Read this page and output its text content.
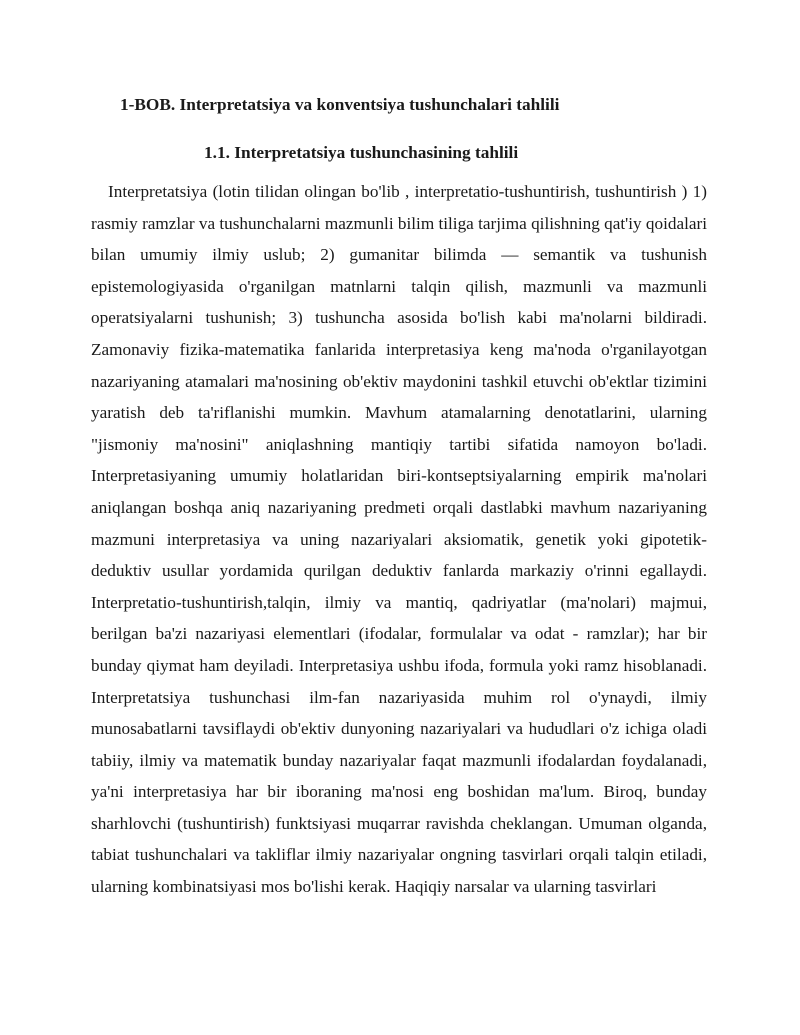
1-BOB. Interpretatsiya va konventsiya tushunchalari tahlili
1.1. Interpretatsiya tushunchasining tahlili

Interpretatsiya (lotin tilidan olingan bo'lib , interpretatio-tushuntirish, tushuntirish ) 1) rasmiy ramzlar va tushunchalarni mazmunli bilim tiliga tarjima qilishning qat'iy qoidalari bilan umumiy ilmiy uslub; 2) gumanitar bilimda — semantik va tushunish epistemologiyasida o'rganilgan matnlarni talqin qilish, mazmunli va mazmunli operatsiyalarni tushunish; 3) tushuncha asosida bo'lish kabi ma'nolarni bildiradi. Zamonaviy fizika-matematika fanlarida interpretasiya keng ma'noda o'rganilayotgan nazariyaning atamalari ma'nosining ob'ektiv maydonini tashkil etuvchi ob'ektlar tizimini yaratish deb ta'riflanishi mumkin. Mavhum atamalarning denotatlarini, ularning "jismoniy ma'nosini" aniqlashning mantiqiy tartibi sifatida namoyon bo'ladi. Interpretasiyaning umumiy holatlaridan biri-kontseptsiyalarning empirik ma'nolari aniqlangan boshqa aniq nazariyaning predmeti orqali dastlabki mavhum nazariyaning mazmuni interpretasiya va uning nazariyalari aksiomatik, genetik yoki gipotetik-deduktiv usullar yordamida qurilgan deduktiv fanlarda markaziy o'rinni egallaydi. Interpretatio-tushuntirish,talqin, ilmiy va mantiq, qadriyatlar (ma'nolari) majmui, berilgan ba'zi nazariyasi elementlari (ifodalar, formulalar va odat - ramzlar); har bir bunday qiymat ham deyiladi. Interpretasiya ushbu ifoda, formula yoki ramz hisoblanadi. Interpretatsiya tushunchasi ilm-fan nazariyasida muhim rol o'ynaydi, ilmiy munosabatlarni tavsiflaydi ob'ektiv dunyoning nazariyalari va hududlari o'z ichiga oladi tabiiy, ilmiy va matematik bunday nazariyalar faqat mazmunli ifodalardan foydalanadi, ya'ni interpretasiya har bir iboraning ma'nosi eng boshidan ma'lum. Biroq, bunday sharhlovchi (tushuntirish) funktsiyasi muqarrar ravishda cheklangan. Umuman olganda, tabiat tushunchalari va takliflar ilmiy nazariyalar ongning tasvirlari orqali talqin etiladi, ularning kombinatsiyasi mos bo'lishi kerak. Haqiqiy narsalar va ularning tasvirlari
